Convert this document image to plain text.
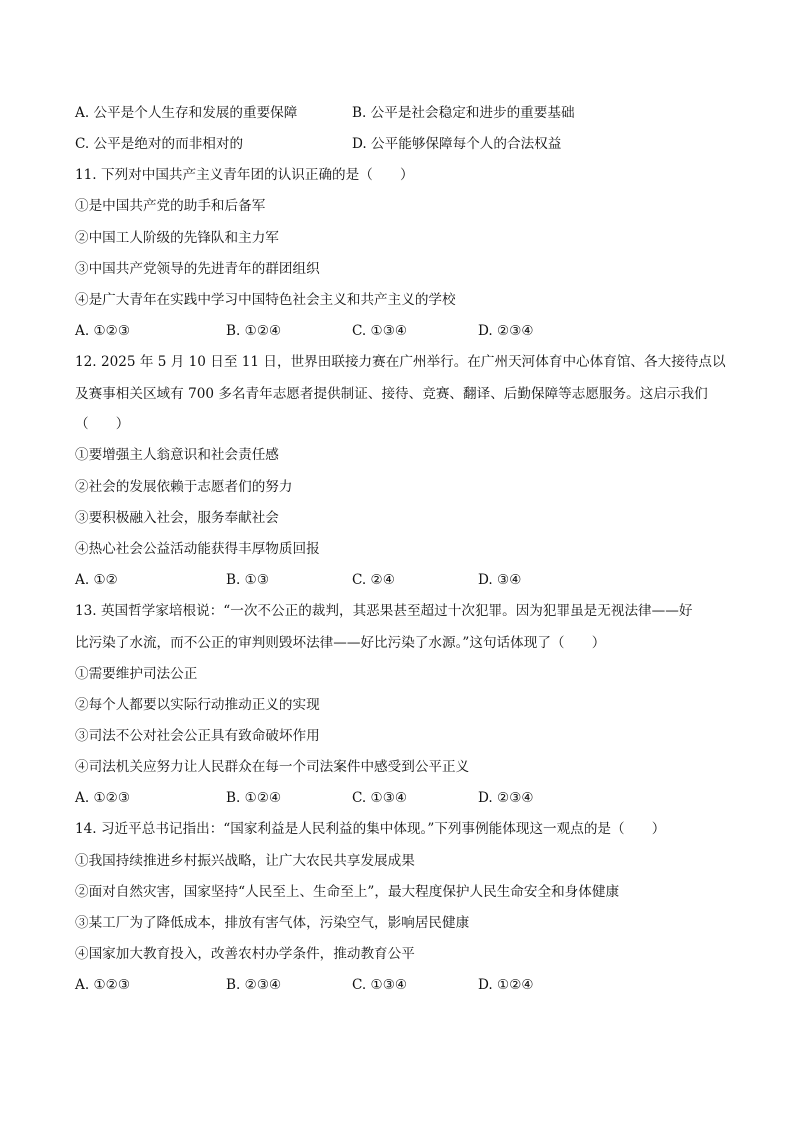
A. 公平是个人生存和发展的重要保障	B. 公平是社会稳定和进步的重要基础
C. 公平是绝对的而非相对的	D. 公平能够保障每个人的合法权益
11. 下列对中国共产主义青年团的认识正确的是（　　）
①是中国共产党的助手和后备军
②中国工人阶级的先锋队和主力军
③中国共产党领导的先进青年的群团组织
④是广大青年在实践中学习中国特色社会主义和共产主义的学校
A. ①②③	B. ①②④	C. ①③④	D. ②③④
12. 2025 年 5 月 10 日至 11 日，世界田联接力赛在广州举行。在广州天河体育中心体育馆、各大接待点以
及赛事相关区域有 700 多名青年志愿者提供制证、接待、竞赛、翻译、后勤保障等志愿服务。这启示我们
（　　）
①要增强主人翁意识和社会责任感
②社会的发展依赖于志愿者们的努力
③要积极融入社会，服务奉献社会
④热心社会公益活动能获得丰厚物质回报
A. ①②	B. ①③	C. ②④	D. ③④
13. 英国哲学家培根说：“一次不公正的裁判，其恶果甚至超过十次犯罪。因为犯罪虽是无视法律——好
比污染了水流，而不公正的审判则毁坏法律——好比污染了水源。”这句话体现了（　　）
①需要维护司法公正
②每个人都要以实际行动推动正义的实现
③司法不公对社会公正具有致命破坏作用
④司法机关应努力让人民群众在每一个司法案件中感受到公平正义
A. ①②③	B. ①②④	C. ①③④	D. ②③④
14. 习近平总书记指出：“国家利益是人民利益的集中体现。”下列事例能体现这一观点的是（　　）
①我国持续推进乡村振兴战略，让广大农民共享发展成果
②面对自然灾害，国家坚持“人民至上、生命至上”，最大程度保护人民生命安全和身体健康
③某工厂为了降低成本，排放有害气体，污染空气，影响居民健康
④国家加大教育投入，改善农村办学条件，推动教育公平
A. ①②③	B. ②③④	C. ①③④	D. ①②④
